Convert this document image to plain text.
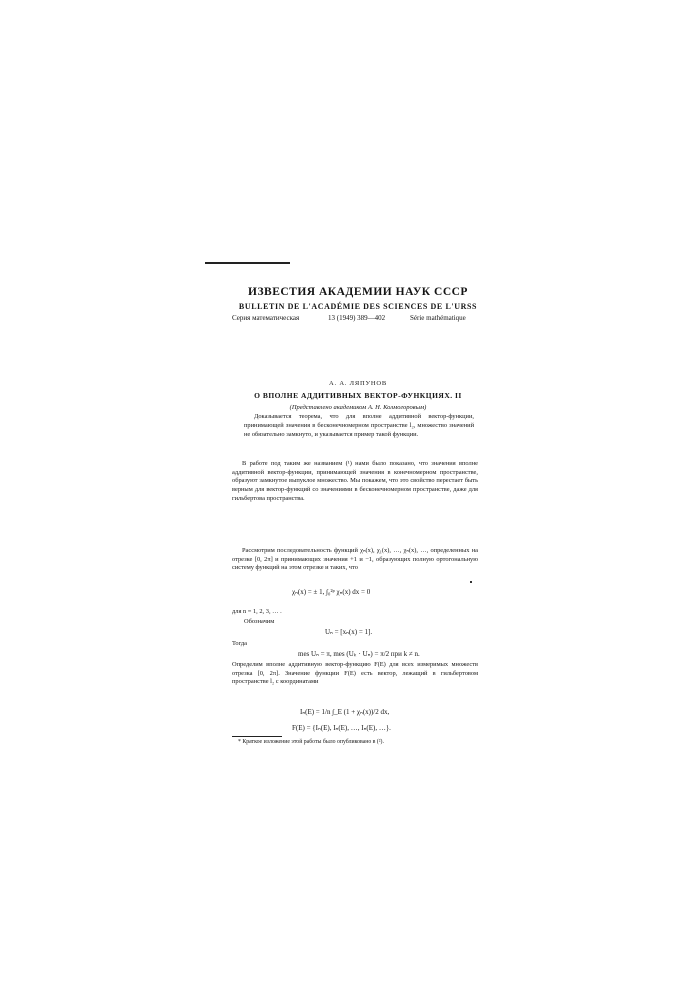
ИЗВЕСТИЯ АКАДЕМИИ НАУК СССР
BULLETIN DE L'ACADÉMIE DES SCIENCES DE L'URSS
Серия математическая	13 (1949) 389—402	Série mathématique
А. А. ЛЯПУНОВ
О ВПОЛНЕ АДДИТИВНЫХ ВЕКТОР-ФУНКЦИЯХ. II
(Представлено академиком А. Н. Колмогоровым)
Доказывается теорема, что для вполне аддитивной вектор-функции, принимающей значения в бесконечномерном пространстве l₂, множество значений не обязательно замкнуто, и указывается пример такой функции.
В работе под таким же названием (¹) нами было показано, что значения вполне аддитивной вектор-функции, принимающей значения в конечномерном пространстве, образуют замкнутое выпуклое множество. Мы покажем, что это свойство перестает быть верным для вектор-функций со значениями в бесконечномерном пространстве, даже для гильбертова пространства.
Рассмотрим последовательность функций χₙ(x), χ₁(x), …, χₙ(x), …, определенных на отрезке [0, 2π] и принимающих значения +1 и −1, образующих полную ортогональную систему функций на этом отрезке и таких, что
χₙ(x) = ± 1, ∫₀²ᵖ χₙ(x) dx = 0
для n = 1, 2, 3, … .
Обозначим
Uₙ = [xₙ(x) = 1].
Тогда
mes Uₙ = π, mes (Uₖ · Uₙ) = π/2 при k ≠ n.
Определим вполне аддитивную вектор-функцию F(E) для всех измеримых множеств отрезка [0, 2π]. Значение функции F(E) есть вектор, лежащий в гильбертовом пространстве l₂ с координатами
Iₙ(E) = 1/n ∫_E (1 + χₙ(x))/2 dx,
F(E) = {Iₙ(E), Iₙ(E), …, Iₙ(E), …}.
* Краткое изложение этой работы было опубликовано в (²).
